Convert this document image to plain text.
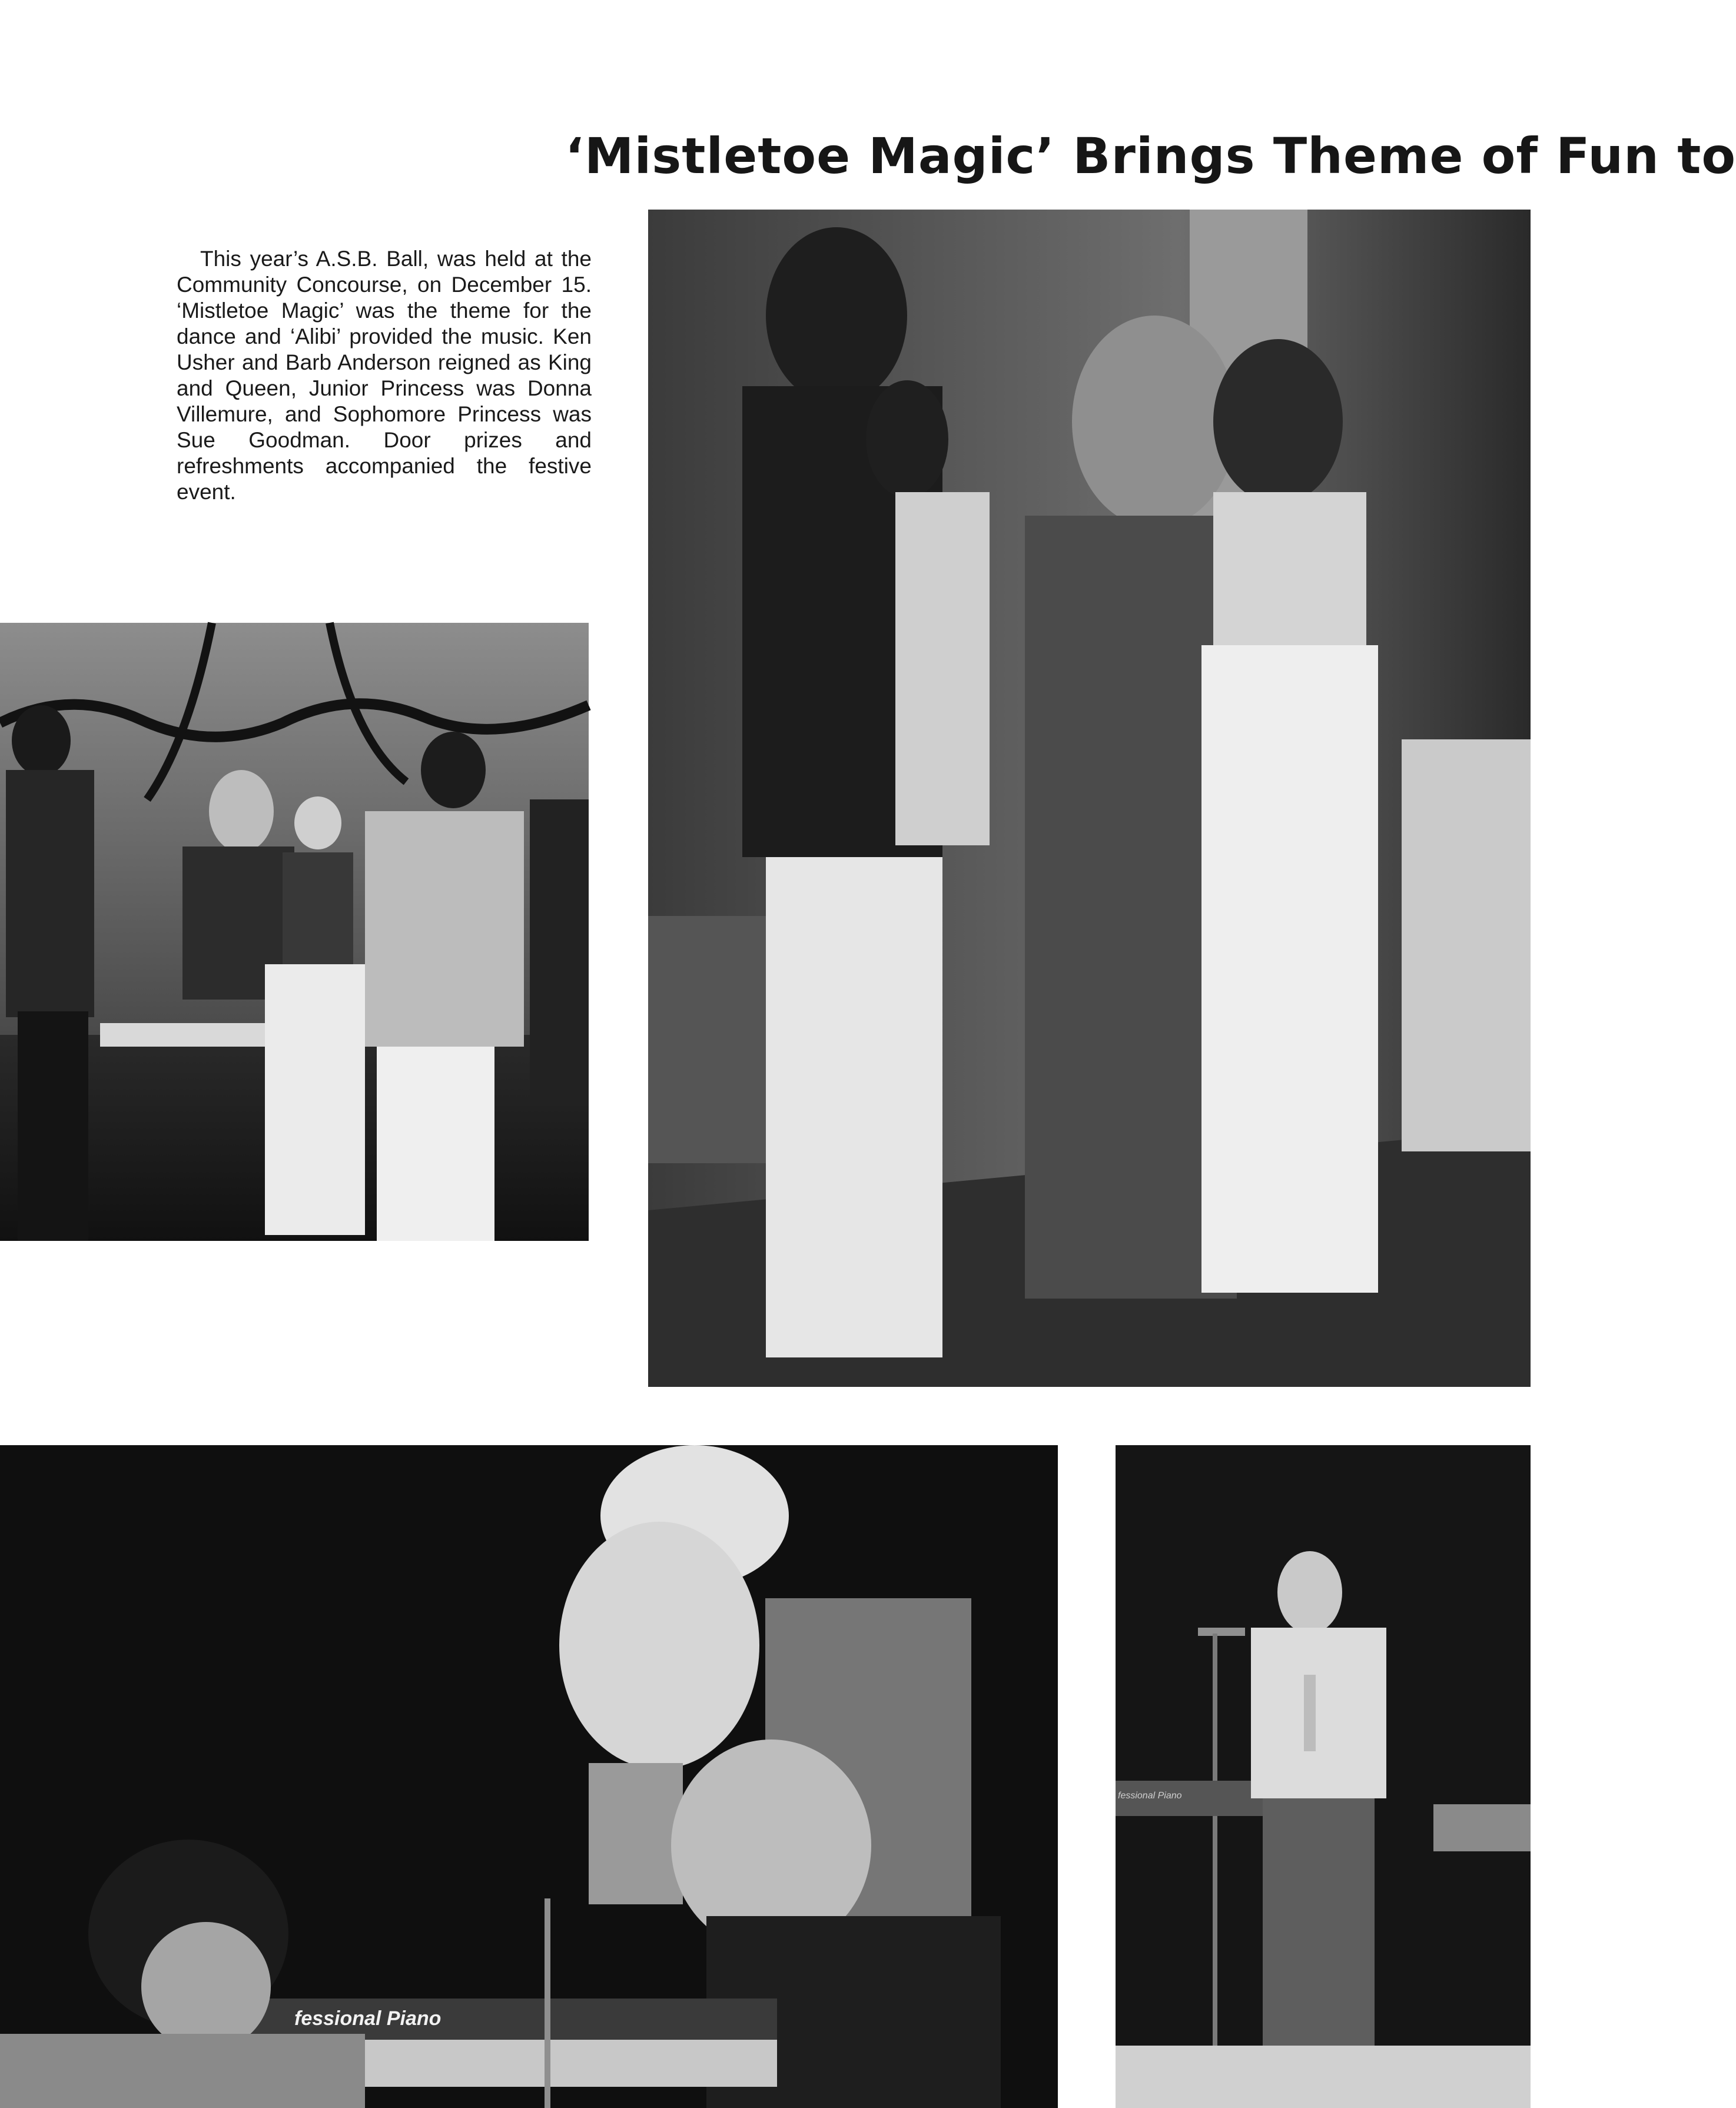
‘Mistletoe Magic’ Brings Theme of Fun to

This year’s A.S.B. Ball, was held at the Community Concourse, on December 15. ‘Mistletoe Magic’ was the theme for the dance and ‘Alibi’ provided the music. Ken Usher and Barb Anderson reigned as King and Queen, Junior Princess was Donna Villemure, and Sophomore Princess was Sue Goodman. Door prizes and refreshments accompanied the festive event.

fessional Piano
fessional Piano
